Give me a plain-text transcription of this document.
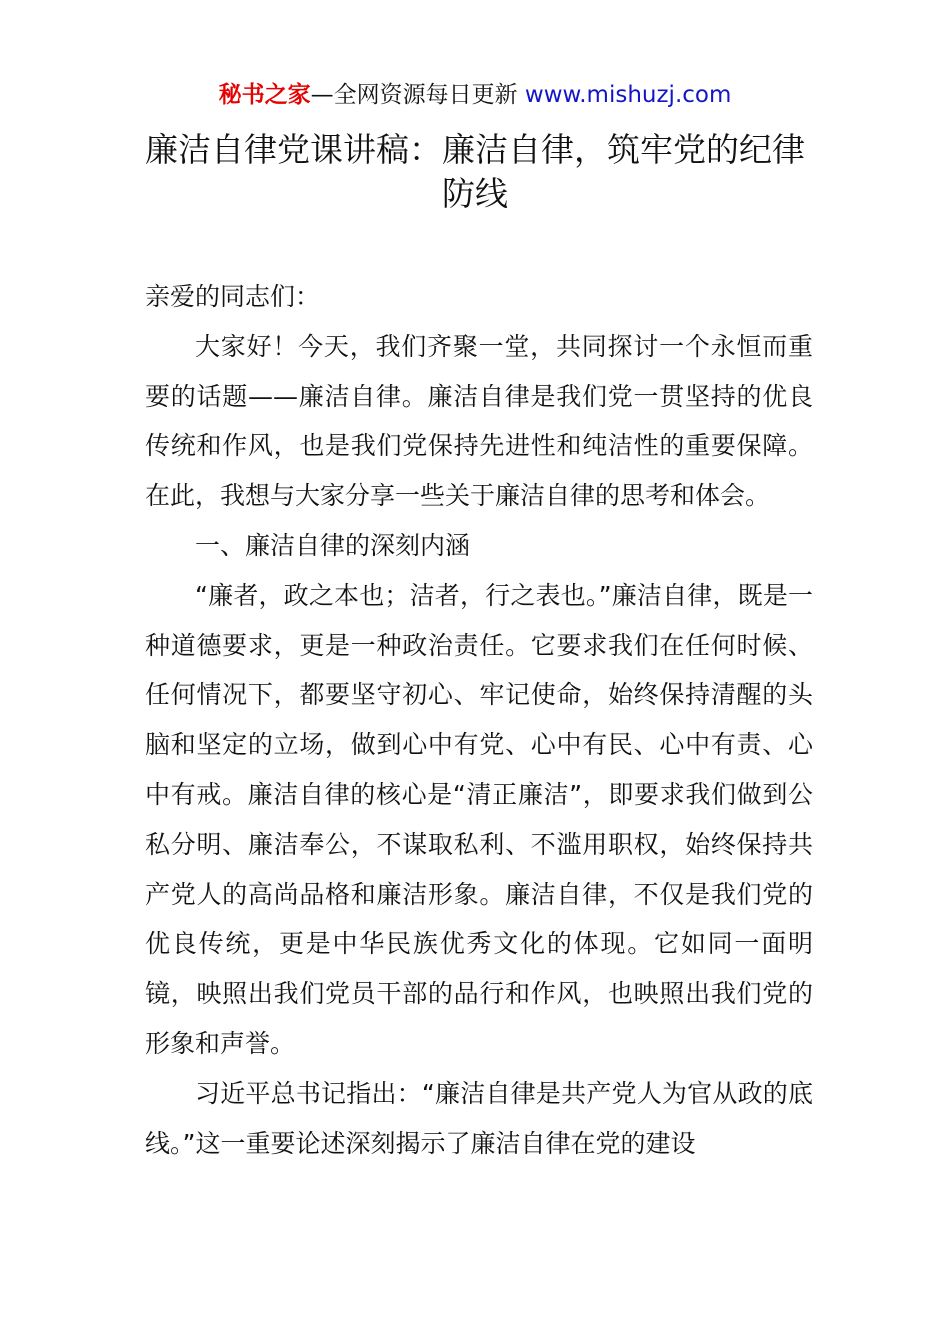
秘书之家—全网资源每日更新 www.mishuzj.com
廉洁自律党课讲稿：廉洁自律，筑牢党的纪律防线

亲爱的同志们：

大家好！今天，我们齐聚一堂，共同探讨一个永恒而重要的话题——廉洁自律。廉洁自律是我们党一贯坚持的优良传统和作风，也是我们党保持先进性和纯洁性的重要保障。在此，我想与大家分享一些关于廉洁自律的思考和体会。

一、廉洁自律的深刻内涵

“廉者，政之本也；洁者，行之表也。”廉洁自律，既是一种道德要求，更是一种政治责任。它要求我们在任何时候、任何情况下，都要坚守初心、牢记使命，始终保持清醒的头脑和坚定的立场，做到心中有党、心中有民、心中有责、心中有戒。廉洁自律的核心是“清正廉洁”，即要求我们做到公私分明、廉洁奉公，不谋取私利、不滥用职权，始终保持共产党人的高尚品格和廉洁形象。廉洁自律，不仅是我们党的优良传统，更是中华民族优秀文化的体现。它如同一面明镜，映照出我们党员干部的品行和作风，也映照出我们党的形象和声誉。

习近平总书记指出：“廉洁自律是共产党人为官从政的底线。”这一重要论述深刻揭示了廉洁自律在党的建设
